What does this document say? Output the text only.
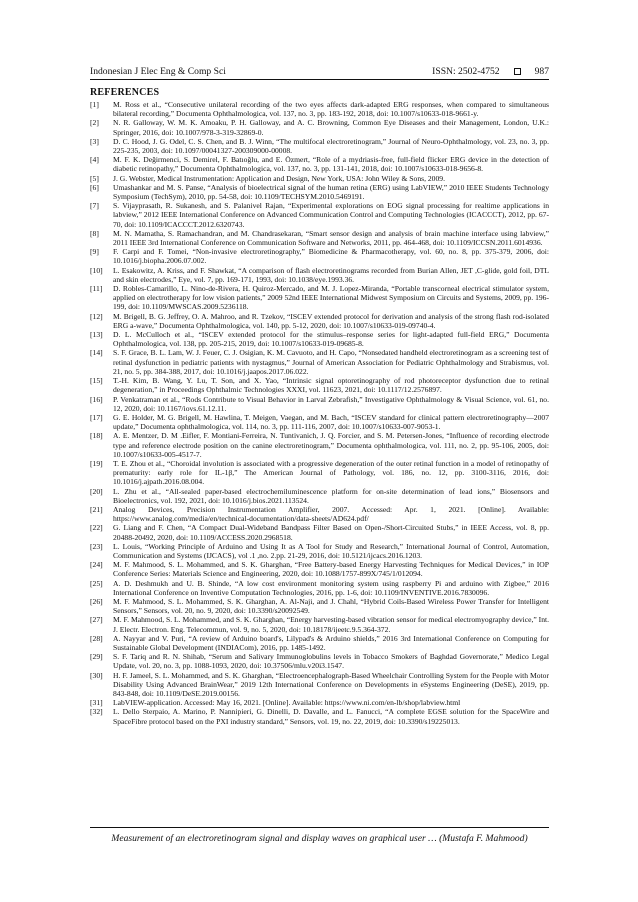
Indonesian J Elec Eng & Comp Sci	ISSN: 2502-4752	987
REFERENCES
[1]	M. Ross et al., “Consecutive unilateral recording of the two eyes affects dark-adapted ERG responses, when compared to simultaneous bilateral recording,” Documenta Ophthalmologica, vol. 137, no. 3, pp. 183-192, 2018, doi: 10.1007/s10633-018-9661-y.
[2]	N. R. Galloway, W. M. K. Amoaku, P. H. Galloway, and A. C. Browning, Common Eye Diseases and their Management, London, U.K.: Springer, 2016, doi: 10.1007/978-3-319-32869-0.
[3]	D. C. Hood, J. G. Odel, C. S. Chen, and B. J. Winn, “The multifocal electroretinogram,” Journal of Neuro-Ophthalmology, vol. 23, no. 3, pp. 225-235, 2003, doi: 10.1097/00041327-200309000-00008.
[4]	M. F. K. Değirmenci, S. Demirel, F. Batıoğlu, and E. Özmert, “Role of a mydriasis-free, full-field flicker ERG device in the detection of diabetic retinopathy,” Documenta Ophthalmologica, vol. 137, no. 3, pp. 131-141, 2018, doi: 10.1007/s10633-018-9656-8.
[5]	J. G. Webster, Medical Instrumentation: Application and Design, New York, USA: John Wiley & Sons, 2009.
[6]	Umashankar and M. S. Panse, “Analysis of bioelectrical signal of the human retina (ERG) using LabVIEW,” 2010 IEEE Students Technology Symposium (TechSym), 2010, pp. 54-58, doi: 10.1109/TECHSYM.2010.5469191.
[7]	S. Vijayprasath, R. Sukanesh, and S. Palanivel Rajan, “Experimental explorations on EOG signal processing for realtime applications in labview,” 2012 IEEE International Conference on Advanced Communication Control and Computing Technologies (ICACCCT), 2012, pp. 67-70, doi: 10.1109/ICACCCT.2012.6320743.
[8]	M. N. Mamatha, S. Ramachandran, and M. Chandrasekaran, “Smart sensor design and analysis of brain machine interface using labview,” 2011 IEEE 3rd International Conference on Communication Software and Networks, 2011, pp. 464-468, doi: 10.1109/ICCSN.2011.6014936.
[9]	F. Carpi and F. Tomei, “Non-invasive electroretinography,” Biomedicine & Pharmacotherapy, vol. 60, no. 8, pp. 375-379, 2006, doi: 10.1016/j.biopha.2006.07.002.
[10]	L. Esakowitz, A. Kriss, and F. Shawkat, “A comparison of flash electroretinograms recorded from Burian Allen, JET ,C-glide, gold foil, DTL and skin electrodes,” Eye, vol. 7, pp. 169-171, 1993, doi: 10.1038/eye.1993.36.
[11]	D. Robles-Camarillo, L. Nino-de-Rivera, H. Quiroz-Mercado, and M. J. Lopez-Miranda, “Portable transcorneal electrical stimulator system, applied on electrotherapy for low vision patients,” 2009 52nd IEEE International Midwest Symposium on Circuits and Systems, 2009, pp. 196-199, doi: 10.1109/MWSCAS.2009.5236118.
[12]	M. Brigell, B. G. Jeffrey, O. A. Mahroo, and R. Tzekov, “ISCEV extended protocol for derivation and analysis of the strong flash rod-isolated ERG a-wave,” Documenta Ophthalmologica, vol. 140, pp. 5-12, 2020, doi: 10.1007/s10633-019-09740-4.
[13]	D. L. McCulloch et al., “ISCEV extended protocol for the stimulus–response series for light-adapted full-field ERG,” Documenta Ophthalmologica, vol. 138, pp. 205-215, 2019, doi: 10.1007/s10633-019-09685-8.
[14]	S. F. Grace, B. L. Lam, W. J. Feuer, C. J. Osigian, K. M. Cavuoto, and H. Capo, “Nonsedated handheld electroretinogram as a screening test of retinal dysfunction in pediatric patients with nystagmus,” Journal of American Association for Pediatric Ophthalmology and Strabismus, vol. 21, no. 5, pp. 384-388, 2017, doi: 10.1016/j.jaapos.2017.06.022.
[15]	T.-H. Kim, B. Wang, Y. Lu, T. Son, and X. Yao, “Intrinsic signal optoretinography of rod photoreceptor dysfunction due to retinal degeneration,” in Proceedings Ophthalmic Technologies XXXI, vol. 11623, 2021, doi: 10.1117/12.2576897.
[16]	P. Venkatraman et al., “Rods Contribute to Visual Behavior in Larval Zebrafish,” Investigative Ophthalmology & Visual Science, vol. 61, no. 12, 2020, doi: 10.1167/iovs.61.12.11.
[17]	G. E. Holder, M. G. Brigell, M. Hawlina, T. Meigen, Vaegan, and M. Bach, “ISCEV standard for clinical pattern electroretinography—2007 update,” Documenta ophthalmologica, vol. 114, no. 3, pp. 111-116, 2007, doi: 10.1007/s10633-007-9053-1.
[18]	A. E. Mentzer, D. M .Eifler, F. Montiani-Ferreira, N. Tuntivanich, J. Q. Forcier, and S. M. Petersen-Jones, “Influence of recording electrode type and reference electrode position on the canine electroretinogram,” Documenta ophthalmologica, vol. 111, no. 2, pp. 95-106, 2005, doi: 10.1007/s10633-005-4517-7.
[19]	T. E. Zhou et al., “Choroidal involution is associated with a progressive degeneration of the outer retinal function in a model of retinopathy of prematurity: early role for IL-1β,” The American Journal of Pathology, vol. 186, no. 12, pp. 3100-3116, 2016, doi: 10.1016/j.ajpath.2016.08.004.
[20]	L. Zhu et al., “All-sealed paper-based electrochemiluminescence platform for on-site determination of lead ions,” Biosensors and Bioelectronics, vol. 192, 2021, doi: 10.1016/j.bios.2021.113524.
[21]	Analog Devices, Precision Instrumentation Amplifier, 2007. Accessed: Apr. 1, 2021. [Online]. Available: https://www.analog.com/media/en/technical-documentation/data-sheets/AD624.pdf/
[22]	G. Liang and F. Chen, “A Compact Dual-Wideband Bandpass Filter Based on Open-/Short-Circuited Stubs,” in IEEE Access, vol. 8, pp. 20488-20492, 2020, doi: 10.1109/ACCESS.2020.2968518.
[23]	L. Louis, “Working Principle of Arduino and Using It as A Tool for Study and Research,” International Journal of Control, Automation, Communication and Systems (IJCACS), vol .1 ,no. 2.pp. 21-29, 2016, doi: 10.5121/ijcacs.2016.1203.
[24]	M. F. Mahmood, S. L. Mohammed, and S. K. Gharghan, “Free Battery-based Energy Harvesting Techniques for Medical Devices,” in IOP Conference Series: Materials Science and Engineering, 2020, doi: 10.1088/1757-899X/745/1/012094.
[25]	A. D. Deshmukh and U. B. Shinde, “A low cost environment monitoring system using raspberry Pi and arduino with Zigbee,” 2016 International Conference on Inventive Computation Technologies, 2016, pp. 1-6, doi: 10.1109/INVENTIVE.2016.7830096.
[26]	M. F. Mahmood, S. L. Mohammed, S. K. Gharghan, A. Al-Naji, and J. Chahl, “Hybrid Coils-Based Wireless Power Transfer for Intelligent Sensors,” Sensors, vol. 20, no. 9, 2020, doi: 10.3390/s20092549.
[27]	M. F. Mahmood, S. L. Mohammed, and S. K. Gharghan, “Energy harvesting-based vibration sensor for medical electromyography device,” Int. J. Electr. Electron. Eng. Telecommun, vol. 9, no. 5, 2020, doi: 10.18178/ijeetc.9.5.364-372.
[28]	A. Nayyar and V. Puri, “A review of Arduino board's, Lilypad's & Arduino shields,” 2016 3rd International Conference on Computing for Sustainable Global Development (INDIACom), 2016, pp. 1485-1492.
[29]	S. F. Tariq and R. N. Shihab, “Serum and Salivary Immunoglobulins levels in Tobacco Smokers of Baghdad Governorate,” Medico Legal Update, vol. 20, no. 3, pp. 1088-1093, 2020, doi: 10.37506/mlu.v20i3.1547.
[30]	H. F. Jameel, S. L. Mohammed, and S. K. Gharghan, “Electroencephalograph-Based Wheelchair Controlling System for the People with Motor Disability Using Advanced BrainWear,” 2019 12th International Conference on Developments in eSystems Engineering (DeSE), 2019, pp. 843-848, doi: 10.1109/DeSE.2019.00156.
[31]	LabVIEW-application. Accessed: May 16, 2021. [Online]. Available: https://www.ni.com/en-lb/shop/labview.html
[32]	L. Dello Sterpaio, A. Marino, P. Nannipieri, G. Dinelli, D. Davalle, and L. Fanucci, “A complete EGSE solution for the SpaceWire and SpaceFibre protocol based on the PXI industry standard,” Sensors, vol. 19, no. 22, 2019, doi: 10.3390/s19225013.
Measurement of an electroretinogram signal and display waves on graphical user … (Mustafa F. Mahmood)
